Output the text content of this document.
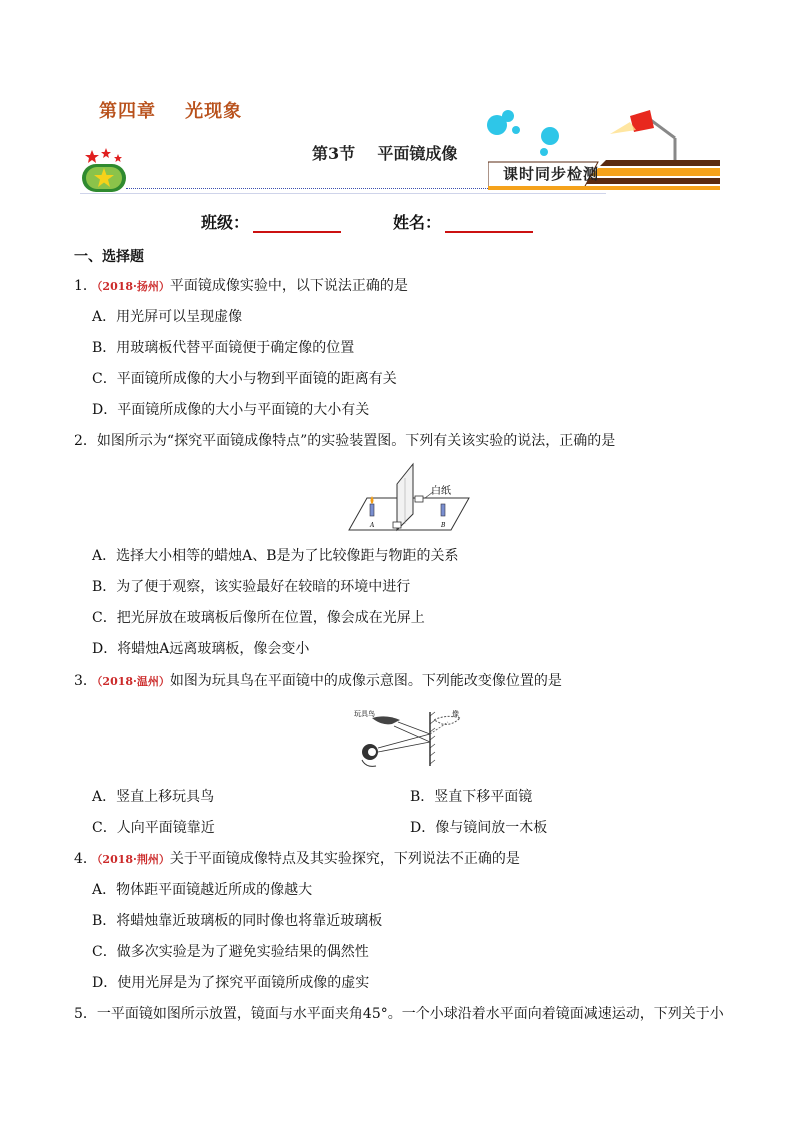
第四章    光现象
第3节    平面镜成像
课时同步检测
班级：	姓名：
一、选择题
1．（2018·扬州）平面镜成像实验中，以下说法正确的是
A．用光屏可以呈现虚像
B．用玻璃板代替平面镜便于确定像的位置
C．平面镜所成像的大小与物到平面镜的距离有关
D．平面镜所成像的大小与平面镜的大小有关
2．如图所示为“探究平面镜成像特点”的实验装置图。下列有关该实验的说法，正确的是
A	B
白纸
A．选择大小相等的蜡烛A、B是为了比较像距与物距的关系
B．为了便于观察，该实验最好在较暗的环境中进行
C．把光屏放在玻璃板后像所在位置，像会成在光屏上
D．将蜡烛A远离玻璃板，像会变小
3．（2018·温州）如图为玩具鸟在平面镜中的成像示意图。下列能改变像位置的是
玩具鸟	像
A．竖直上移玩具鸟	B．竖直下移平面镜
C．人向平面镜靠近	D．像与镜间放一木板
4．（2018·荆州）关于平面镜成像特点及其实验探究，下列说法不正确的是
A．物体距平面镜越近所成的像越大
B．将蜡烛靠近玻璃板的同时像也将靠近玻璃板
C．做多次实验是为了避免实验结果的偶然性
D．使用光屏是为了探究平面镜所成像的虚实
5．一平面镜如图所示放置，镜面与水平面夹角45°。一个小球沿着水平面向着镜面减速运动，下列关于小
